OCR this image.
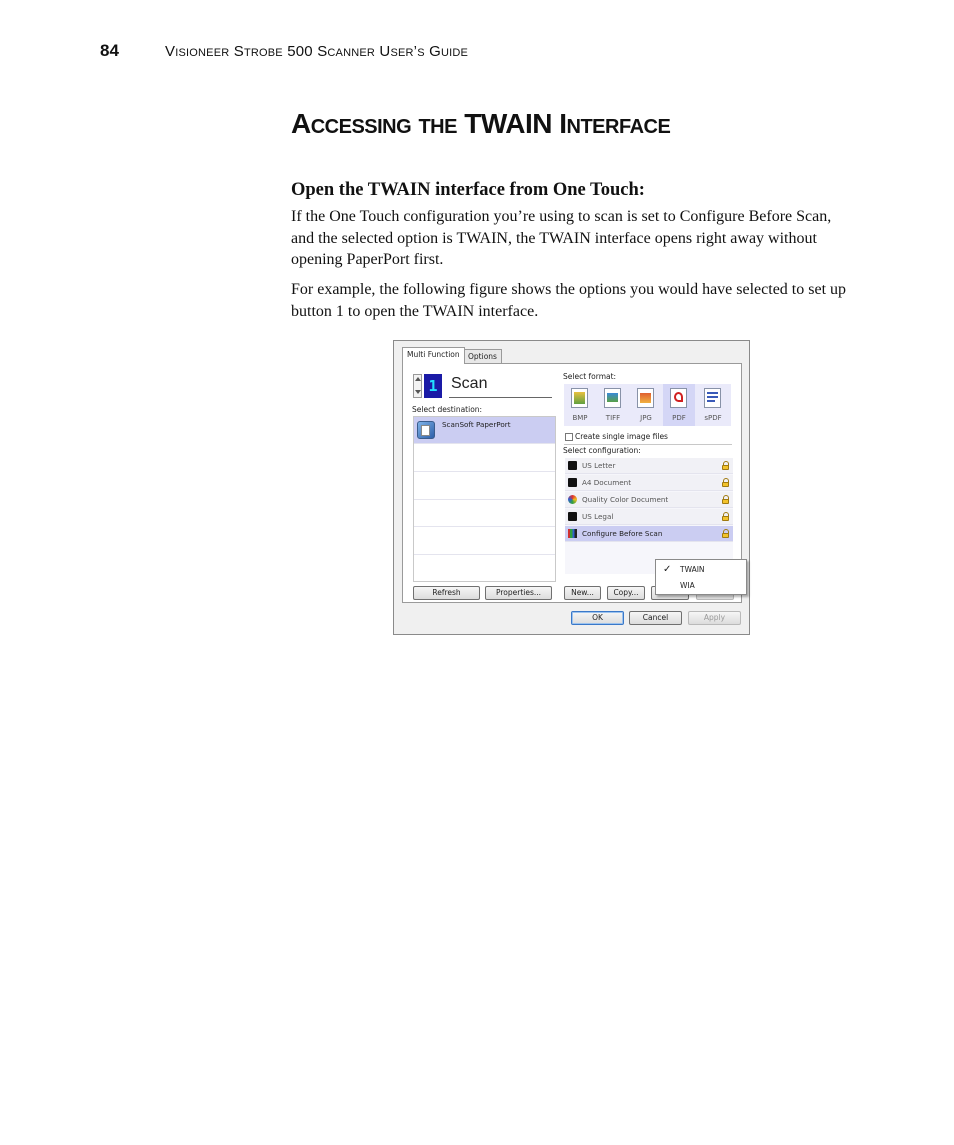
84	Visioneer Strobe 500 Scanner User’s Guide
Accessing the TWAIN Interface
Open the TWAIN interface from One Touch:
If the One Touch configuration you’re using to scan is set to Configure Before Scan, and the selected option is TWAIN, the TWAIN interface opens right away without opening PaperPort first.
For example, the following figure shows the options you would have selected to set up button 1 to open the TWAIN interface.
Multi Function	Options
1 Scan
Select destination:
ScanSoft PaperPort
Select format:
BMP	TIFF	JPG	PDF	sPDF
Create single image files
Select configuration:
US Letter
A4 Document
Quality Color Document
US Legal
Configure Before Scan
✓ TWAIN
WIA
Refresh	Properties...	New...	Copy...
OK	Cancel	Apply
